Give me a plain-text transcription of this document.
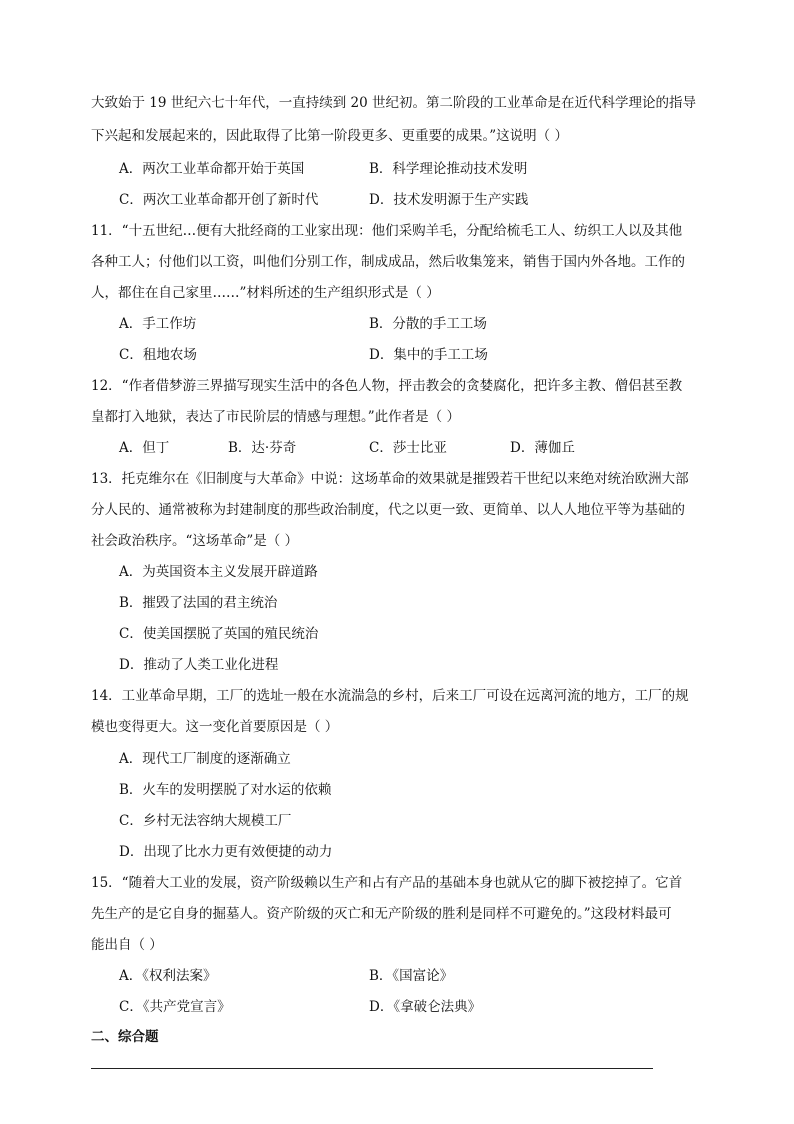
大致始于 19 世纪六七十年代，一直持续到 20 世纪初。第二阶段的工业革命是在近代科学理论的指导
下兴起和发展起来的，因此取得了比第一阶段更多、更重要的成果。”这说明（ ）
A．两次工业革命都开始于英国	B．科学理论推动技术发明
C．两次工业革命都开创了新时代	D．技术发明源于生产实践
11．“十五世纪…便有大批经商的工业家出现：他们采购羊毛，分配给梳毛工人、纺织工人以及其他
各种工人；付他们以工资，叫他们分别工作，制成成品，然后收集笼来，销售于国内外各地。工作的
人，都住在自己家里……”材料所述的生产组织形式是（ ）
A．手工作坊	B．分散的手工工场
C．租地农场	D．集中的手工工场
12．“作者借梦游三界描写现实生活中的各色人物，抨击教会的贪婪腐化，把许多主教、僧侣甚至教
皇都打入地狱，表达了市民阶层的情感与理想。”此作者是（ ）
A．但丁	B．达·芬奇	C．莎士比亚	D．薄伽丘
13．托克维尔在《旧制度与大革命》中说：这场革命的效果就是摧毁若干世纪以来绝对统治欧洲大部
分人民的、通常被称为封建制度的那些政治制度，代之以更一致、更简单、以人人地位平等为基础的
社会政治秩序。“这场革命”是（ ）
A．为英国资本主义发展开辟道路
B．摧毁了法国的君主统治
C．使美国摆脱了英国的殖民统治
D．推动了人类工业化进程
14．工业革命早期，工厂的选址一般在水流湍急的乡村，后来工厂可设在远离河流的地方，工厂的规
模也变得更大。这一变化首要原因是（ ）
A．现代工厂制度的逐渐确立
B．火车的发明摆脱了对水运的依赖
C．乡村无法容纳大规模工厂
D．出现了比水力更有效便捷的动力
15．“随着大工业的发展，资产阶级赖以生产和占有产品的基础本身也就从它的脚下被挖掉了。它首
先生产的是它自身的掘墓人。资产阶级的灭亡和无产阶级的胜利是同样不可避免的。”这段材料最可
能出自（ ）
A．《权利法案》	B．《国富论》
C．《共产党宣言》	D．《拿破仑法典》
二、综合题
